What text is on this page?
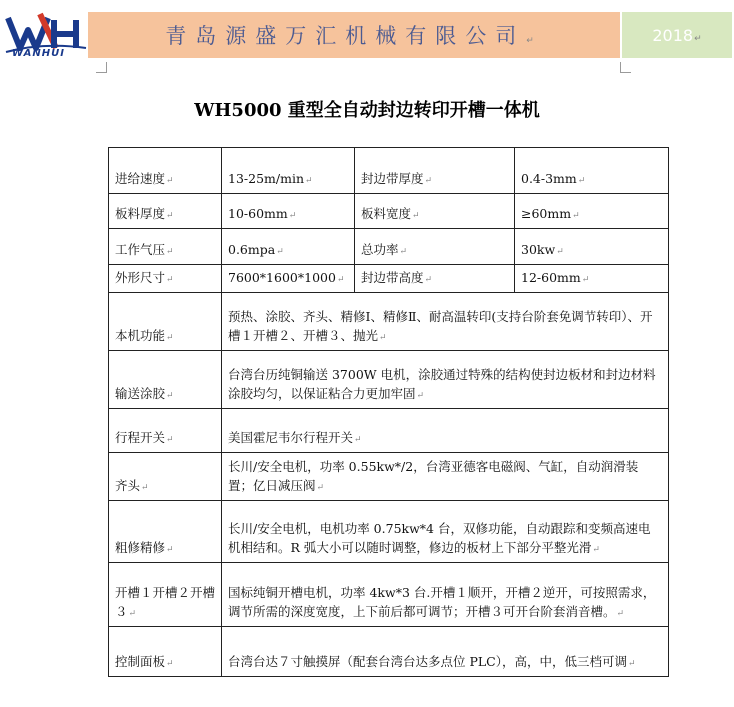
WANHUI
青岛源盛万汇机械有限公司 ↵	2018 ↵
WH5000 重型全自动封边转印开槽一体机
进给速度 ↵	13-25m/min ↵	封边带厚度 ↵	0.4-3mm ↵
板料厚度 ↵	10-60mm ↵	板料宽度 ↵	≥60mm ↵
工作气压 ↵	0.6mpa ↵	总功率 ↵	30kw ↵
外形尺寸 ↵	7600*1600*1000 ↵	封边带高度 ↵	12-60mm ↵
本机功能 ↵	预热、涂胶、齐头、精修Ⅰ、精修Ⅱ、耐高温转印(支持台阶套免调节转印）、开槽１开槽２、开槽３、抛光 ↵
输送涂胶 ↵	台湾台历纯铜输送 3700W 电机，涂胶通过特殊的结构使封边板材和封边材料涂胶均匀，以保证粘合力更加牢固 ↵
行程开关 ↵	美国霍尼韦尔行程开关 ↵
齐头 ↵	长川/安全电机，功率 0.55kw*/2，台湾亚德客电磁阀、气缸，自动润滑装置；亿日减压阀 ↵
粗修精修 ↵	长川/安全电机，电机功率 0.75kw*4 台，双修功能，自动跟踪和变频高速电机相结和。R 弧大小可以随时调整，修边的板材上下部分平整光滑 ↵
开槽１开槽２开槽３ ↵	国标纯铜开槽电机，功率 4kw*3 台.开槽１顺开，开槽２逆开，可按照需求，调节所需的深度宽度，上下前后都可调节；开槽３可开台阶套消音槽。 ↵
控制面板 ↵	台湾台达７寸触摸屏（配套台湾台达多点位 PLC），高，中，低三档可调 ↵
